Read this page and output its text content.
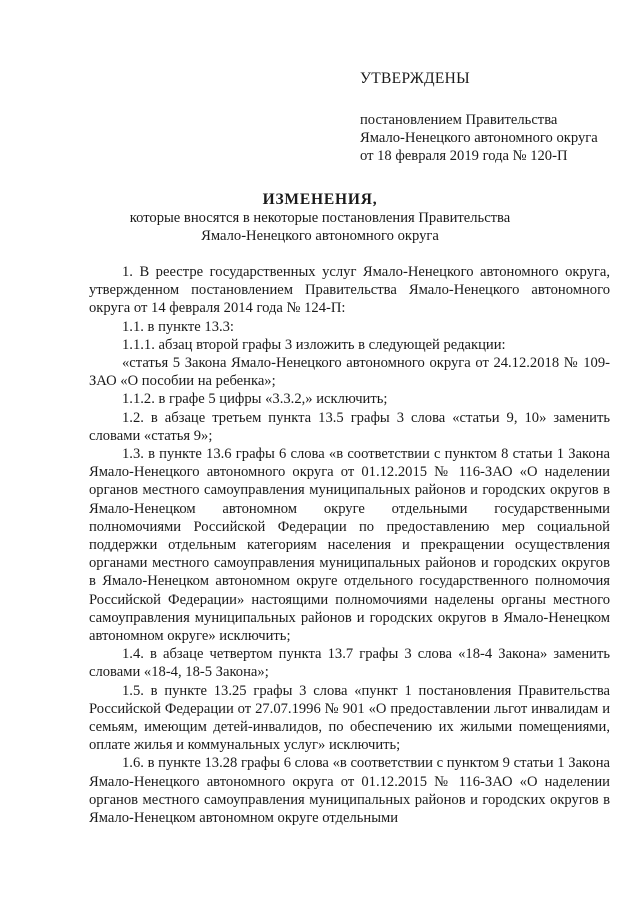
УТВЕРЖДЕНЫ
постановлением Правительства
Ямало-Ненецкого автономного округа
от 18 февраля 2019 года № 120-П
ИЗМЕНЕНИЯ,
которые вносятся в некоторые постановления Правительства
Ямало-Ненецкого автономного округа

1. В реестре государственных услуг Ямало-Ненецкого автономного округа, утвержденном постановлением Правительства Ямало-Ненецкого автономного округа от 14 февраля 2014 года № 124-П:

1.1. в пункте 13.3:

1.1.1. абзац второй графы 3 изложить в следующей редакции:

«статья 5 Закона Ямало-Ненецкого автономного округа от 24.12.2018 № 109-ЗАО «О пособии на ребенка»;

1.1.2. в графе 5 цифры «3.3.2,» исключить;

1.2. в абзаце третьем пункта 13.5 графы 3 слова «статьи 9, 10» заменить словами «статья 9»;

1.3. в пункте 13.6 графы 6 слова «в соответствии с пунктом 8 статьи 1 Закона Ямало-Ненецкого автономного округа от 01.12.2015 № 116-ЗАО «О наделении органов местного самоуправления муниципальных районов и городских округов в Ямало-Ненецком автономном округе отдельными государственными полномочиями Российской Федерации по предоставлению мер социальной поддержки отдельным категориям населения и прекращении осуществления органами местного самоуправления муниципальных районов и городских округов в Ямало-Ненецком автономном округе отдельного государственного полномочия Российской Федерации» настоящими полномочиями наделены органы местного самоуправления муниципальных районов и городских округов в Ямало-Ненецком автономном округе» исключить;

1.4. в абзаце четвертом пункта 13.7 графы 3 слова «18-4 Закона» заменить словами «18-4, 18-5 Закона»;

1.5. в пункте 13.25 графы 3 слова «пункт 1 постановления Правительства Российской Федерации от 27.07.1996 № 901 «О предоставлении льгот инвалидам и семьям, имеющим детей-инвалидов, по обеспечению их жилыми помещениями, оплате жилья и коммунальных услуг» исключить;

1.6. в пункте 13.28 графы 6 слова «в соответствии с пунктом 9 статьи 1 Закона Ямало-Ненецкого автономного округа от 01.12.2015 № 116-ЗАО «О наделении органов местного самоуправления муниципальных районов и городских округов в Ямало-Ненецком автономном округе отдельными
